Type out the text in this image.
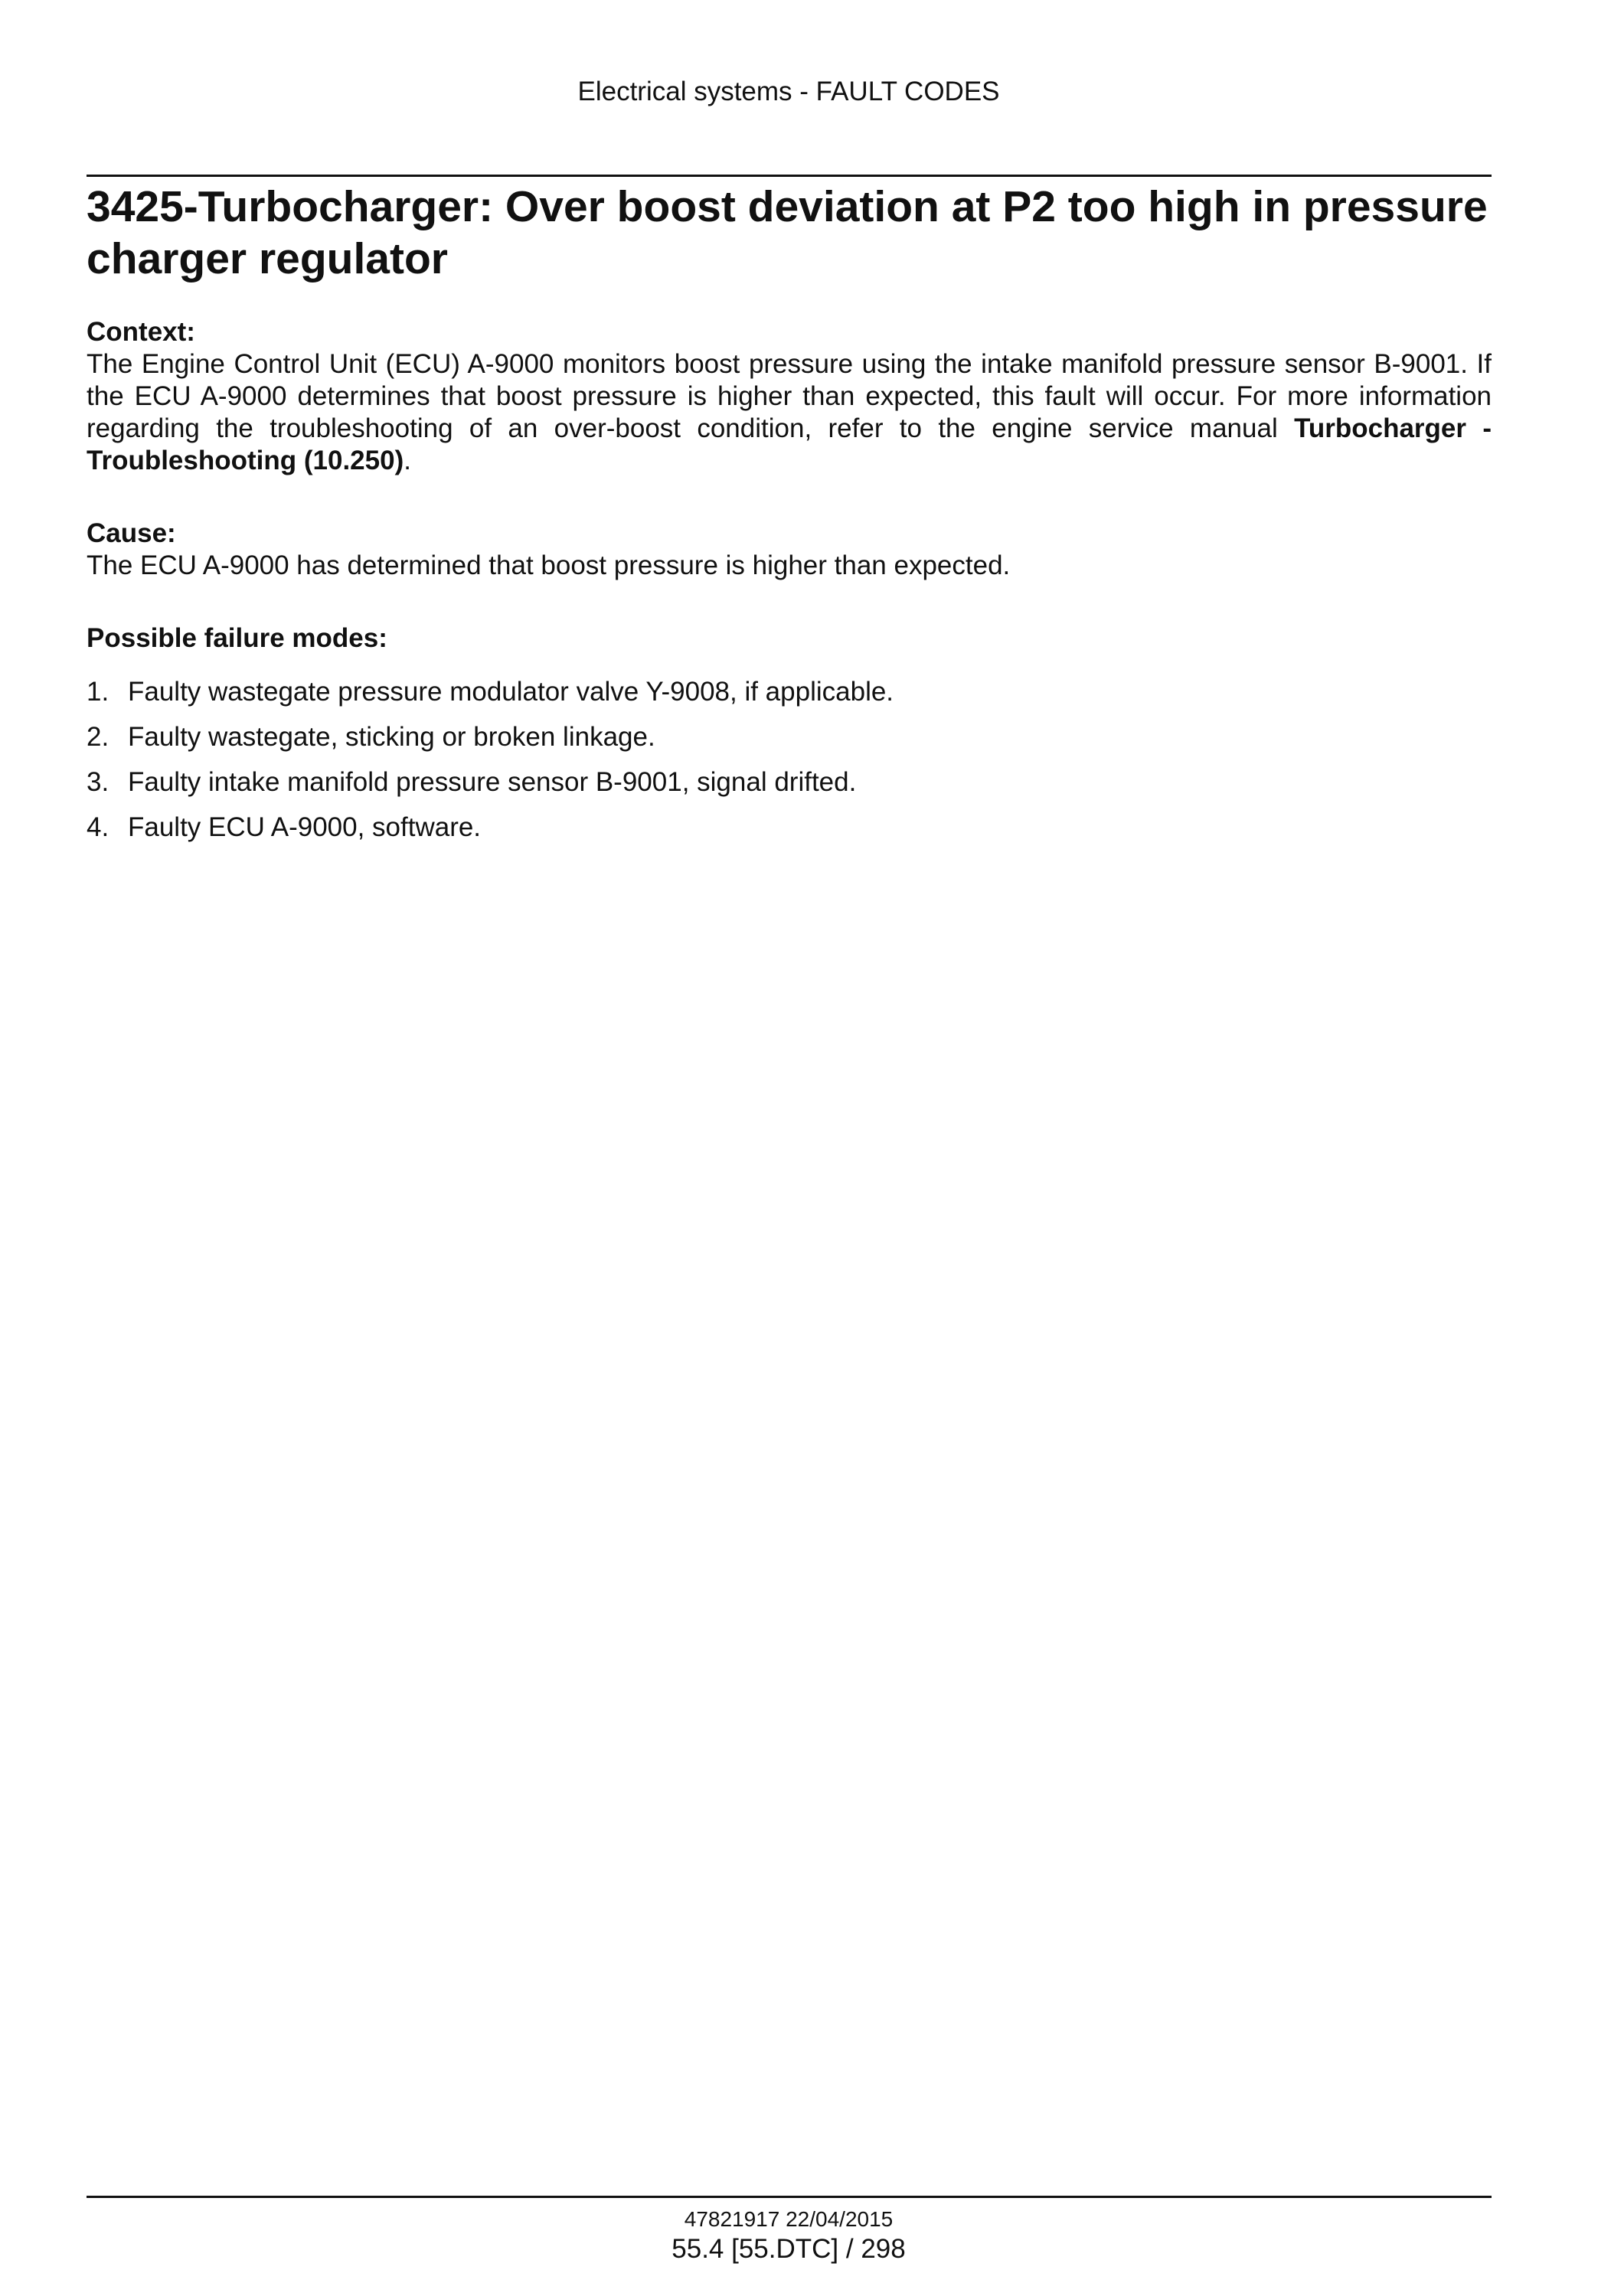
Electrical systems - FAULT CODES
3425-Turbocharger: Over boost deviation at P2 too high in pressure charger regulator

Context:

The Engine Control Unit (ECU) A-9000 monitors boost pressure using the intake manifold pressure sensor B-9001. If the ECU A-9000 determines that boost pressure is higher than expected, this fault will occur. For more information regarding the troubleshooting of an over-boost condition, refer to the engine service manual Turbocharger - Troubleshooting (10.250).

Cause:

The ECU A-9000 has determined that boost pressure is higher than expected.

Possible failure modes:

1. Faulty wastegate pressure modulator valve Y-9008, if applicable.
2. Faulty wastegate, sticking or broken linkage.
3. Faulty intake manifold pressure sensor B-9001, signal drifted.
4. Faulty ECU A-9000, software.
47821917 22/04/2015
55.4 [55.DTC] / 298
